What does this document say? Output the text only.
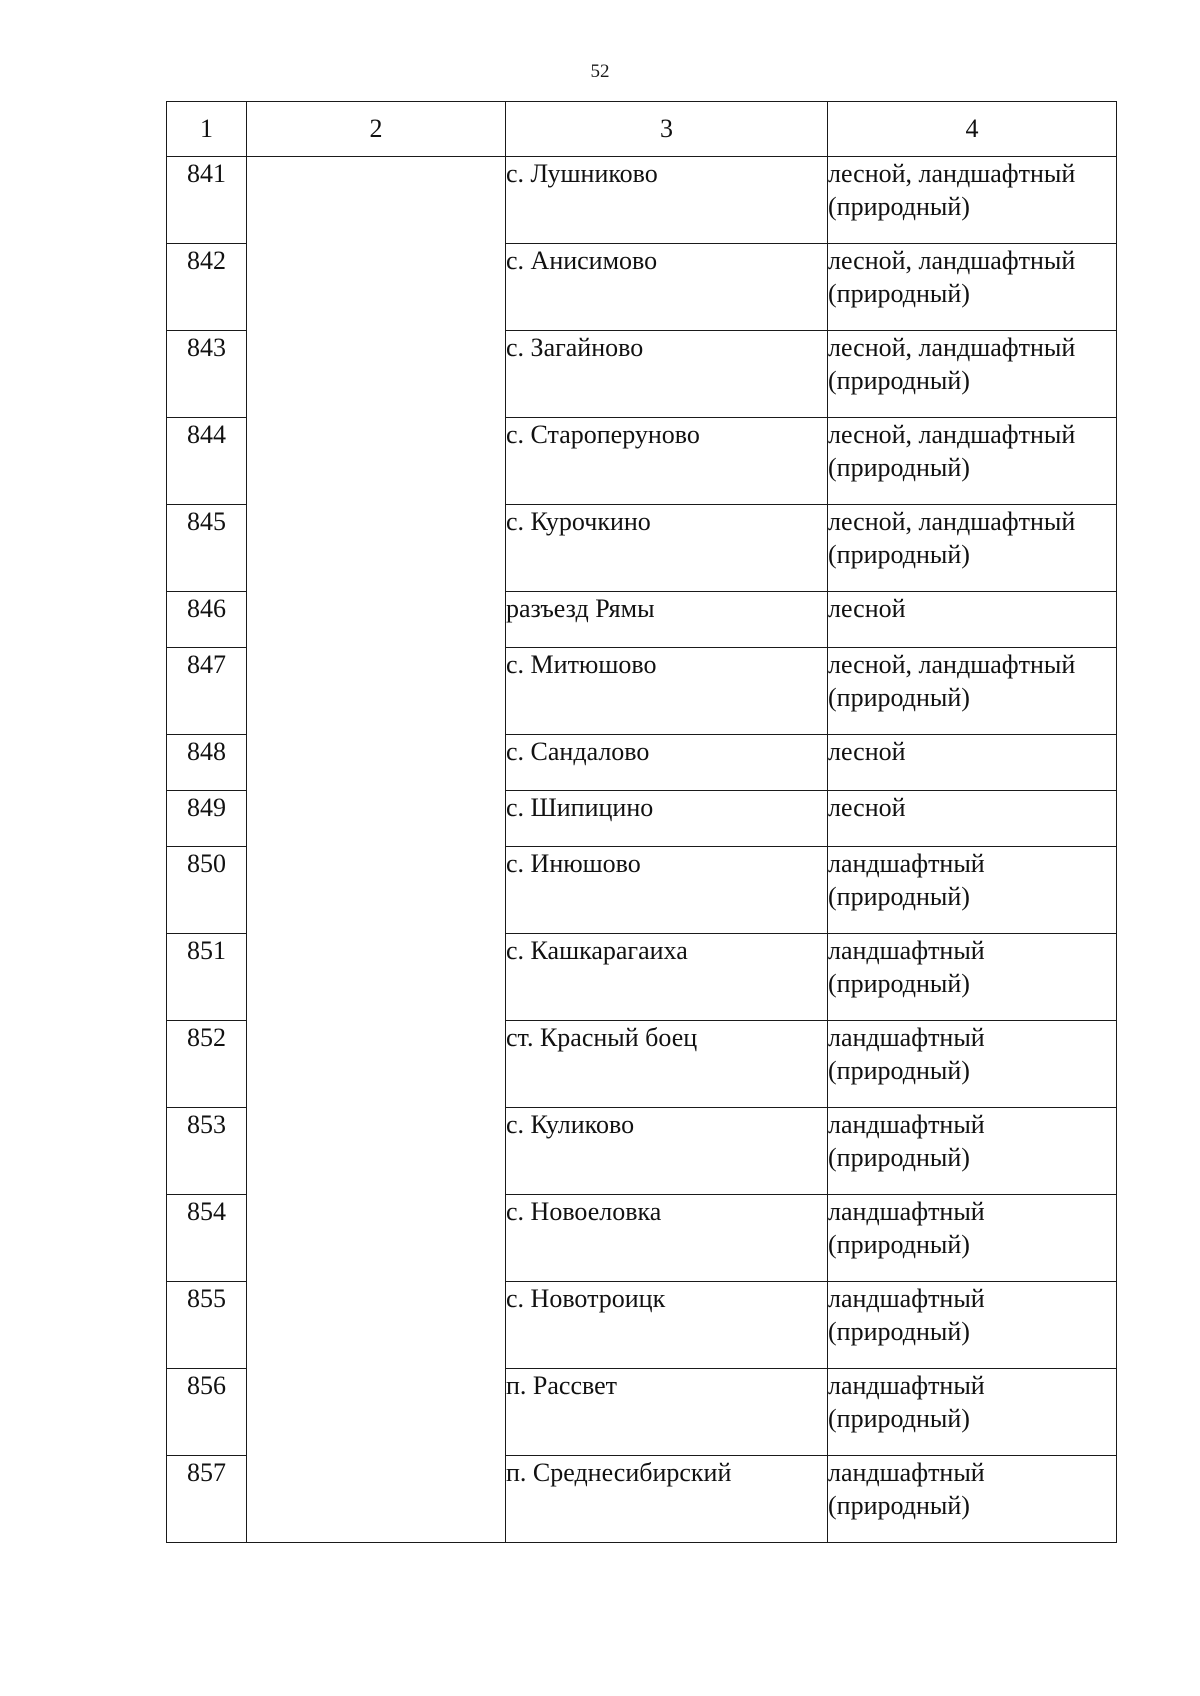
52
1	2	3	4
841		с. Лушниково	лесной, ландшафтный (природный)
842		с. Анисимово	лесной, ландшафтный (природный)
843		с. Загайново	лесной, ландшафтный (природный)
844		с. Староперуново	лесной, ландшафтный (природный)
845		с. Курочкино	лесной, ландшафтный (природный)
846		разъезд Рямы	лесной
847		с. Митюшово	лесной, ландшафтный (природный)
848		с. Сандалово	лесной
849		с. Шипицино	лесной
850		с. Инюшово	ландшафтный (природный)
851		с. Кашкарагаиха	ландшафтный (природный)
852		ст. Красный боец	ландшафтный (природный)
853		с. Куликово	ландшафтный (природный)
854		с. Новоеловка	ландшафтный (природный)
855		с. Новотроицк	ландшафтный (природный)
856		п. Рассвет	ландшафтный (природный)
857		п. Среднесибирский	ландшафтный (природный)
